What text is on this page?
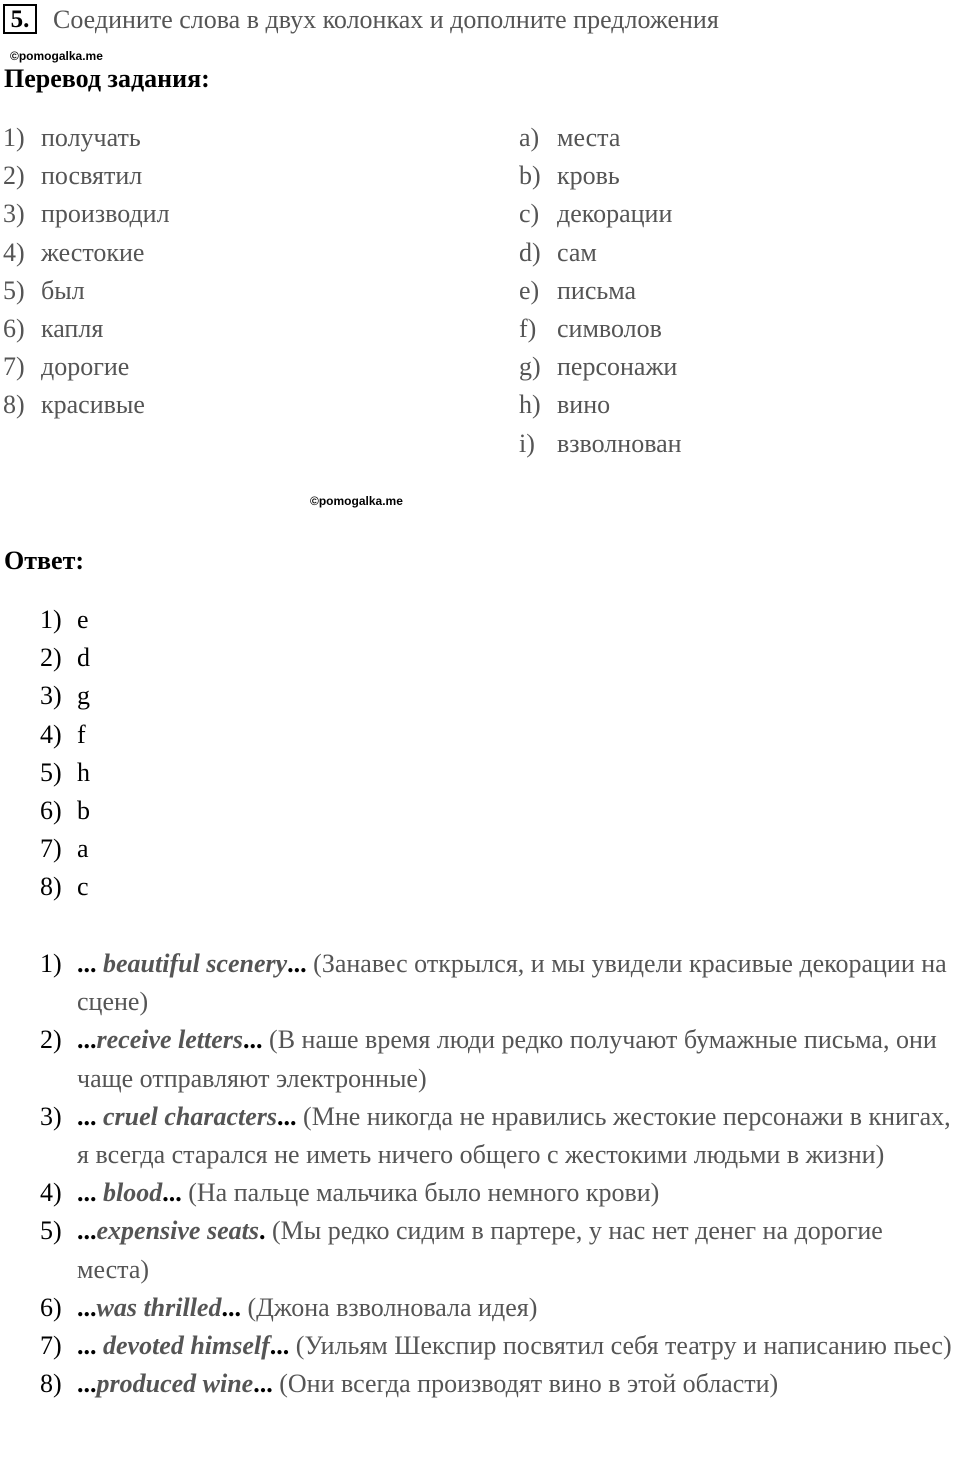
5. Соедините слова в двух колонках и дополните предложения
©pomogalka.me
Перевод задания:
1) получать
2) посвятил
3) производил
4) жестокие
5) был
6) капля
7) дорогие
8) красивые
a) места
b) кровь
c) декорации
d) сам
e) письма
f) символов
g) персонажи
h) вино
i) взволнован
©pomogalka.me
Ответ:
1) e
2) d
3) g
4) f
5) h
6) b
7) a
8) c
1) ... beautiful scenery... (Занавес открылся, и мы увидели красивые декорации на сцене)
2) ...receive letters... (В наше время люди редко получают бумажные письма, они чаще отправляют электронные)
3) ... cruel characters... (Мне никогда не нравились жестокие персонажи в книгах, я всегда старался не иметь ничего общего с жестокими людьми в жизни)
4) ... blood... (На пальце мальчика было немного крови)
5) ...expensive seats. (Мы редко сидим в партере, у нас нет денег на дорогие места)
6) ...was thrilled... (Джона взволновала идея)
7) ... devoted himself... (Уильям Шекспир посвятил себя театру и написанию пьес)
8) ...produced wine... (Они всегда производят вино в этой области)
